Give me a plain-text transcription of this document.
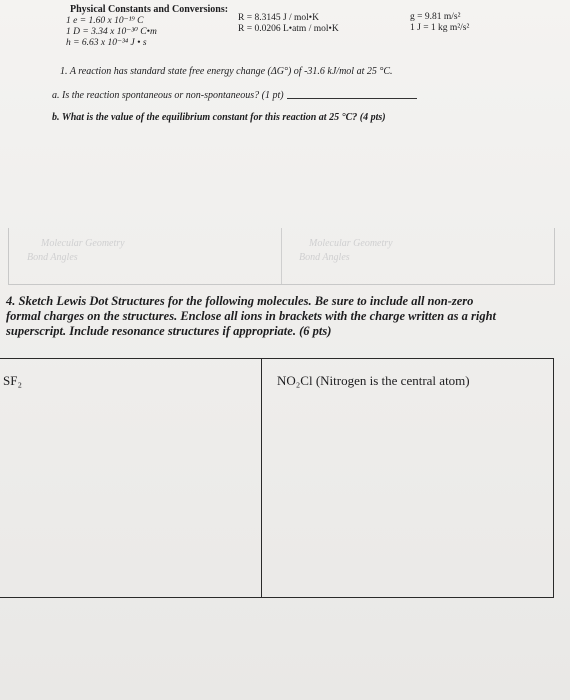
Physical Constants and Conversions:
1 e = 1.60 x 10⁻¹⁹ C
1 D = 3.34 x 10⁻³⁰ C•m
h = 6.63 x 10⁻³⁴ J • s
R = 8.3145 J / mol•K
R = 0.0206 L•atm / mol•K
g = 9.81 m/s²
1 J = 1 kg m²/s²
1. A reaction has standard state free energy change (ΔG°) of -31.6 kJ/mol at 25 °C.
a. Is the reaction spontaneous or non-spontaneous? (1 pt)
b. What is the value of the equilibrium constant for this reaction at 25 °C? (4 pts)
Molecular Geometry
Bond Angles
Molecular Geometry
Bond Angles
4. Sketch Lewis Dot Structures for the following molecules. Be sure to include all non-zero
formal charges on the structures. Enclose all ions in brackets with the charge written as a right
superscript. Include resonance structures if appropriate. (6 pts)
SF₂	NO₂Cl (Nitrogen is the central atom)
